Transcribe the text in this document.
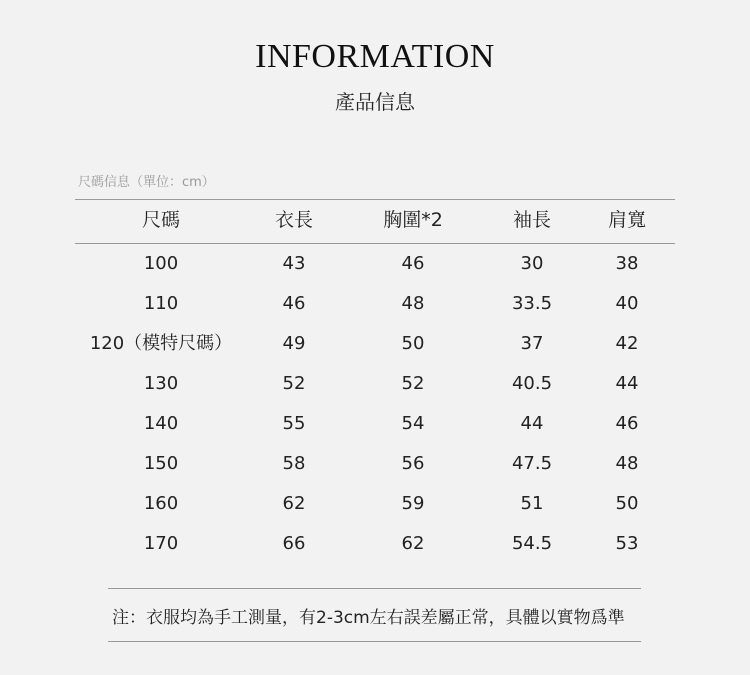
INFORMATION
產品信息
尺碼信息（單位：cm）
尺碼	衣長	胸圍*2	袖長	肩寬
100	43	46	30	38
110	46	48	33.5	40
120（模特尺碼）	49	50	37	42
130	52	52	40.5	44
140	55	54	44	46
150	58	56	47.5	48
160	62	59	51	50
170	66	62	54.5	53
注：衣服均為手工測量，有2-3cm左右誤差屬正常，具體以實物爲準
